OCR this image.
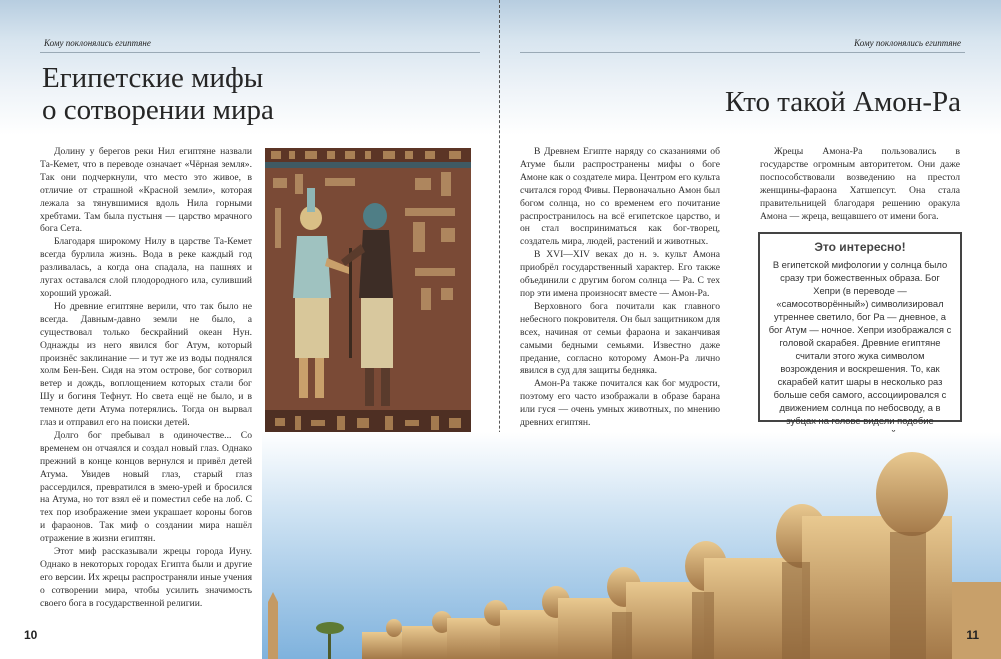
Кому поклонялись египтяне
Египетские мифы
о сотворении мира

Долину у берегов реки Нил египтяне назвали Та-Кемет, что в переводе означает «Чёрная земля». Так они подчеркнули, что место это живое, в отличие от страшной «Красной земли», которая лежала за тянувшимися вдоль Нила горными хребтами. Там была пустыня — царство мрачного бога Сета.

Благодаря широкому Нилу в царстве Та-Кемет всегда бурлила жизнь. Вода в реке каждый год разливалась, а когда она спадала, на пашнях и лугах оставался слой плодородного ила, суливший хороший урожай.

Но древние египтяне верили, что так было не всегда. Давным-давно земли не было, а существовал только бескрайний океан Нун. Однажды из него явился бог Атум, который произнёс заклинание — и тут же из воды поднялся холм Бен-Бен. Сидя на этом острове, бог сотворил ветер и дождь, воплощением которых стали бог Шу и богиня Тефнут. Но света ещё не было, и в темноте дети Атума потерялись. Тогда он вырвал глаз и отправил его на поиски детей.

Долго бог пребывал в одиночестве... Со временем он отчаялся и создал новый глаз. Однако прежний в конце концов вернулся и привёл детей Атума. Увидев новый глаз, старый глаз рассердился, превратился в змею-урей и бросился на Атума, но тот взял её и поместил себе на лоб. С тех пор изображение змеи украшает короны богов и фараонов. Так миф о создании мира нашёл отражение в жизни египтян.

Этот миф рассказывали жрецы города Иуну. Однако в некоторых городах Египта были и другие его версии. Их жрецы распространяли иные учения о сотворении мира, чтобы усилить значимость своего бога в государственной религии.

10
Кому поклонялись египтяне
Кто такой Амон-Ра

В Древнем Египте наряду со сказаниями об Атуме были распространены мифы о боге Амоне как о создателе мира. Центром его культа считался город Фивы. Первоначально Амон был богом солнца, но со временем его почитание распространилось на всё египетское царство, и он стал восприниматься как бог-творец, создатель мира, людей, растений и животных.

В XVI—XIV веках до н. э. культ Амона приобрёл государственный характер. Его также объединили с другим богом солнца — Ра. С тех пор эти имена произносят вместе — Амон-Ра.

Верховного бога почитали как главного небесного покровителя. Он был защитником для всех, начиная от семьи фараона и заканчивая самыми бедными семьями. Известно даже предание, согласно которому Амон-Ра лично явился в суд для защиты бедняка.

Амон-Ра также почитался как бог мудрости, поэтому его часто изображали в образе барана или гуся — очень умных животных, по мнению древних египтян.

Жрецы Амона-Ра пользовались в государстве огромным авторитетом. Они даже поспособствовали возведению на престол женщины-фараона Хатшепсут. Она стала правительницей благодаря решению оракула Амона — жреца, вещавшего от имени бога.

Это интересно!

В египетской мифологии у солнца было сразу три божественных образа. Бог Хепри (в переводе — «самосотворённый») символизировал утреннее светило, бог Ра — дневное, а бог Атум — ночное. Хепри изображался с головой скарабея. Древние египтяне считали этого жука символом возрождения и воскрешения. То, как скарабей катит шары в несколько раз больше себя самого, ассоциировался с движением солнца по небосводу, а в зубцах на голове видели подобие

11
